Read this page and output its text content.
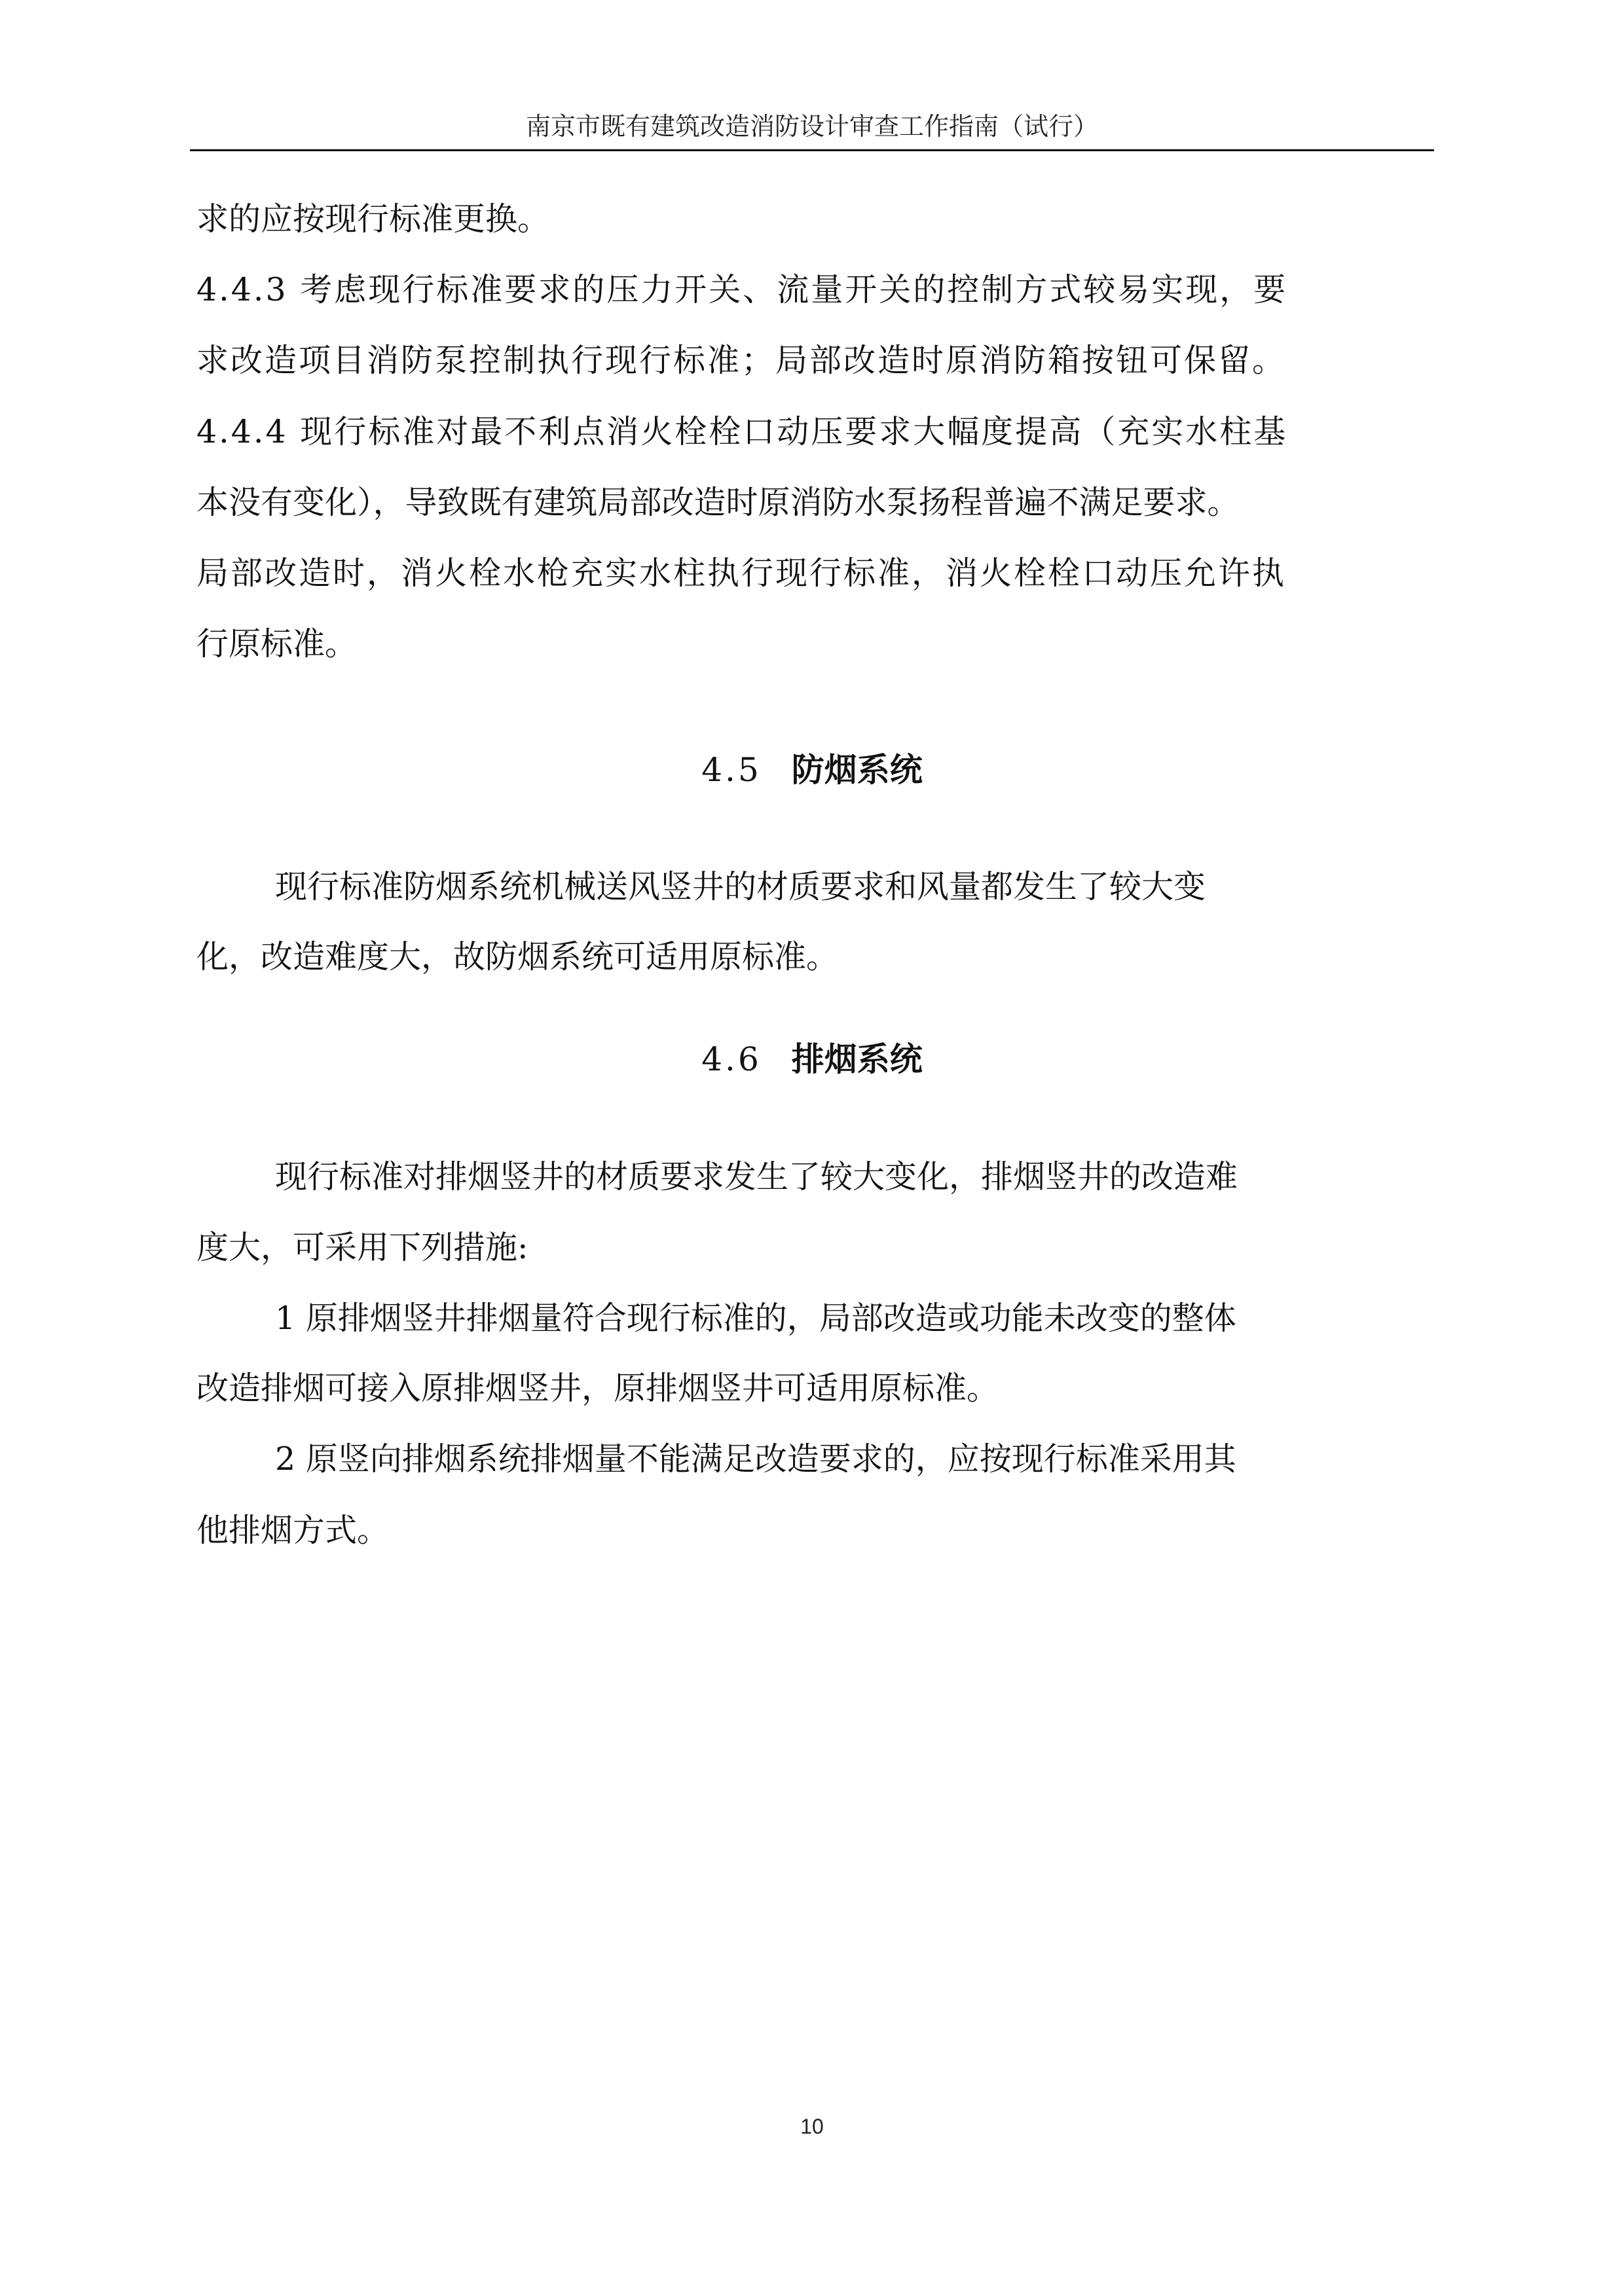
南京市既有建筑改造消防设计审查工作指南（试行）

求的应按现行标准更换。

4.4.3 考虑现行标准要求的压力开关、流量开关的控制方式较易实现，要

求改造项目消防泵控制执行现行标准；局部改造时原消防箱按钮可保留。

4.4.4 现行标准对最不利点消火栓栓口动压要求大幅度提高（充实水柱基

本没有变化），导致既有建筑局部改造时原消防水泵扬程普遍不满足要求。

局部改造时，消火栓水枪充实水柱执行现行标准，消火栓栓口动压允许执

行原标准。

4.5 防烟系统

现行标准防烟系统机械送风竖井的材质要求和风量都发生了较大变

化，改造难度大，故防烟系统可适用原标准。

4.6 排烟系统

现行标准对排烟竖井的材质要求发生了较大变化，排烟竖井的改造难

度大，可采用下列措施:

1 原排烟竖井排烟量符合现行标准的，局部改造或功能未改变的整体

改造排烟可接入原排烟竖井，原排烟竖井可适用原标准。

2 原竖向排烟系统排烟量不能满足改造要求的，应按现行标准采用其

他排烟方式。

10
